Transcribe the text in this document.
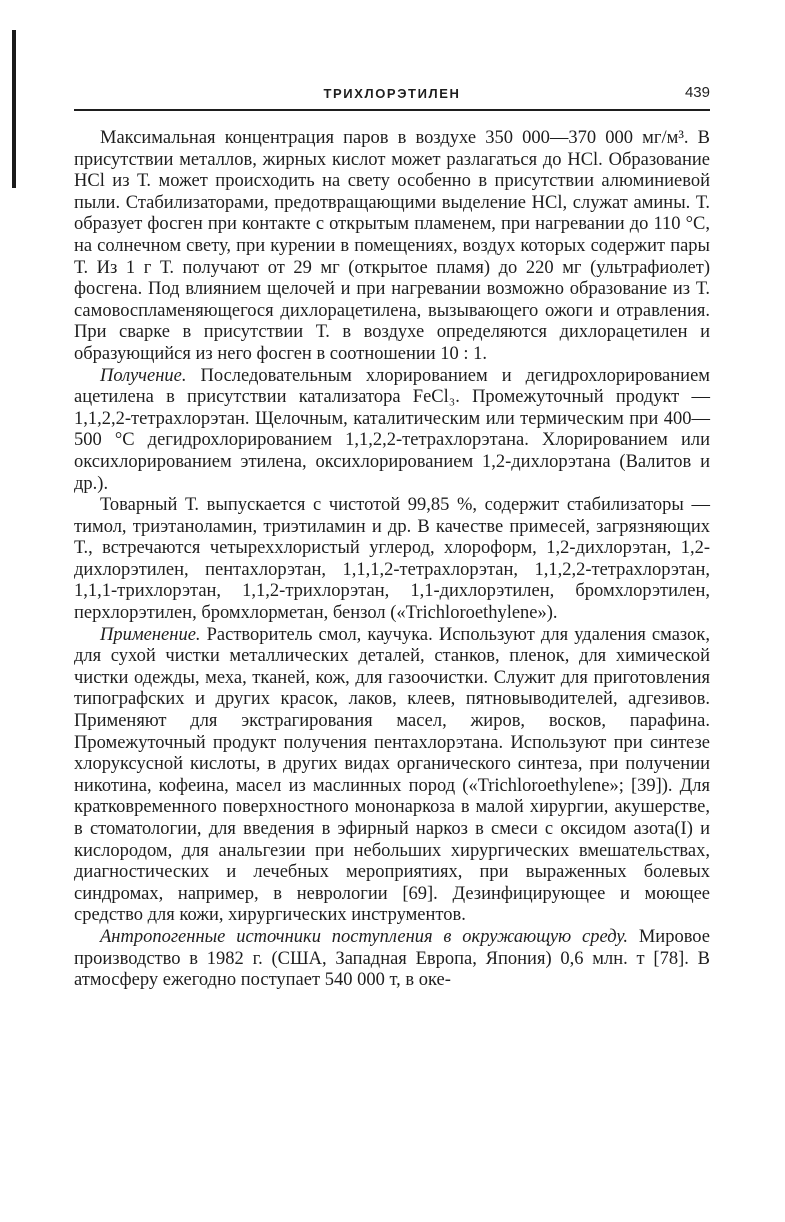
ТРИХЛОРЭТИЛЕН	439

Максимальная концентрация паров в воздухе 350 000—370 000 мг/м³. В присутствии металлов, жирных кислот может разлагаться до HCl. Образование HCl из Т. может происходить на свету особенно в присутствии алюминиевой пыли. Стабилизаторами, предотвращающими выделение HCl, служат амины. Т. образует фосген при контакте с открытым пламенем, при нагревании до 110 °С, на солнечном свету, при курении в помещениях, воздух которых содержит пары Т. Из 1 г Т. получают от 29 мг (открытое пламя) до 220 мг (ультрафиолет) фосгена. Под влиянием щелочей и при нагревании возможно образование из Т. самовоспламеняющегося дихлорацетилена, вызывающего ожоги и отравления. При сварке в присутствии Т. в воздухе определяются дихлорацетилен и образующийся из него фосген в соотношении 10 : 1.

Получение. Последовательным хлорированием и дегидрохлорированием ацетилена в присутствии катализатора FeCl₃. Промежуточный продукт — 1,1,2,2-тетрахлорэтан. Щелочным, каталитическим или термическим при 400—500 °С дегидрохлорированием 1,1,2,2-тетрахлорэтана. Хлорированием или оксихлорированием этилена, оксихлорированием 1,2-дихлорэтана (Валитов и др.).

Товарный Т. выпускается с чистотой 99,85 %, содержит стабилизаторы — тимол, триэтаноламин, триэтиламин и др. В качестве примесей, загрязняющих Т., встречаются четыреххлористый углерод, хлороформ, 1,2-дихлорэтан, 1,2-дихлорэтилен, пентахлорэтан, 1,1,1,2-тетрахлорэтан, 1,1,2,2-тетрахлорэтан, 1,1,1-трихлорэтан, 1,1,2-трихлорэтан, 1,1-дихлорэтилен, бромхлорэтилен, перхлорэтилен, бромхлорметан, бензол («Trichloroethylene»).

Применение. Растворитель смол, каучука. Используют для удаления смазок, для сухой чистки металлических деталей, станков, пленок, для химической чистки одежды, меха, тканей, кож, для газоочистки. Служит для приготовления типографских и других красок, лаков, клеев, пятновыводителей, адгезивов. Применяют для экстрагирования масел, жиров, восков, парафина. Промежуточный продукт получения пентахлорэтана. Используют при синтезе хлоруксусной кислоты, в других видах органического синтеза, при получении никотина, кофеина, масел из маслинных пород («Trichloroethylene»; [39]). Для кратковременного поверхностного мононаркоза в малой хирургии, акушерстве, в стоматологии, для введения в эфирный наркоз в смеси с оксидом азота(I) и кислородом, для анальгезии при небольших хирургических вмешательствах, диагностических и лечебных мероприятиях, при выраженных болевых синдромах, например, в неврологии [69]. Дезинфицирующее и моющее средство для кожи, хирургических инструментов.

Антропогенные источники поступления в окружающую среду. Мировое производство в 1982 г. (США, Западная Европа, Япония) 0,6 млн. т [78]. В атмосферу ежегодно поступает 540 000 т, в оке-
